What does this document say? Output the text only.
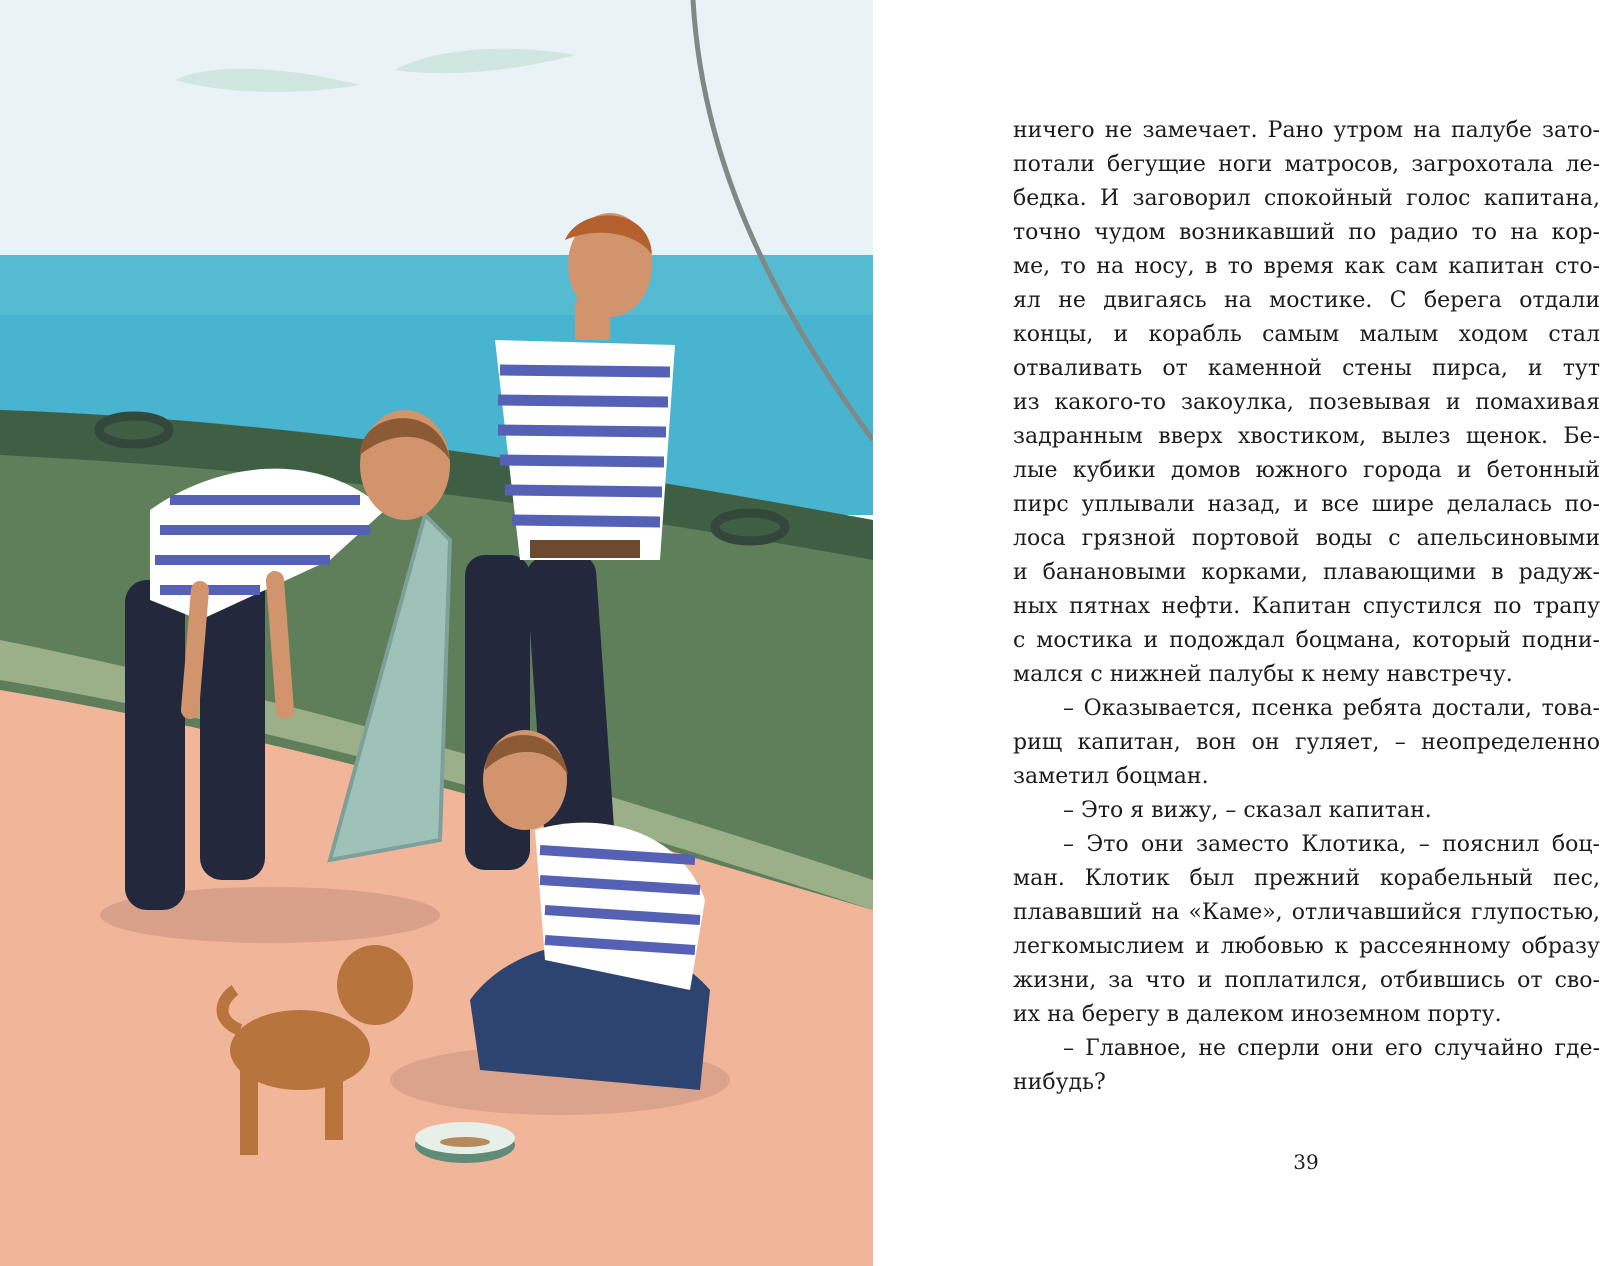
ничего не замечает. Рано утром на палубе зато-
потали бегущие ноги матросов, загрохотала ле-
бедка. И заговорил спокойный голос капитана,
точно чудом возникавший по радио то на кор-
ме, то на носу, в то время как сам капитан сто-
ял не двигаясь на мостике. С берега отдали
концы, и корабль самым малым ходом стал
отваливать от каменной стены пирса, и тут
из какого-то закоулка, позевывая и помахивая
задранным вверх хвостиком, вылез щенок. Бе-
лые кубики домов южного города и бетонный
пирс уплывали назад, и все шире делалась по-
лоса грязной портовой воды с апельсиновыми
и банановыми корками, плавающими в радуж-
ных пятнах нефти. Капитан спустился по трапу
с мостика и подождал боцмана, который подни-
мался с нижней палубы к нему навстречу.
– Оказывается, псенка ребята достали, това-
рищ капитан, вон он гуляет, – неопределенно
заметил боцман.
– Это я вижу, – сказал капитан.
– Это они заместо Клотика, – пояснил боц-
ман. Клотик был прежний корабельный пес,
плававший на «Каме», отличавшийся глупостью,
легкомыслием и любовью к рассеянному образу
жизни, за что и поплатился, отбившись от сво-
их на берегу в далеком иноземном порту.
– Главное, не сперли они его случайно где-
нибудь?
39
